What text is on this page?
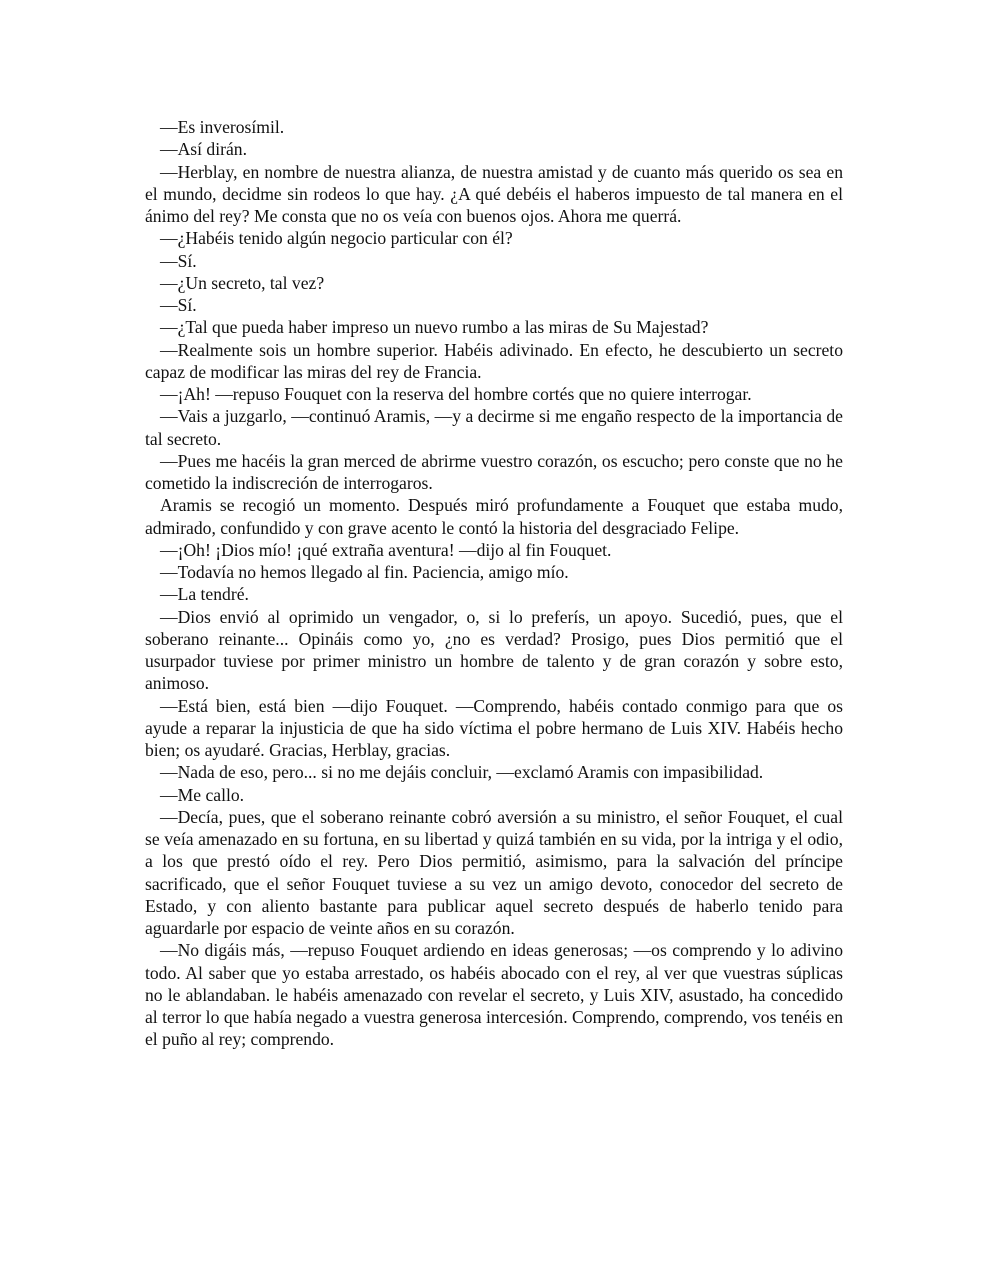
—Es inverosímil.

—Así dirán.

—Herblay, en nombre de nuestra alianza, de nuestra amistad y de cuanto más querido os sea en el mundo, decidme sin rodeos lo que hay. ¿A qué debéis el haberos impuesto de tal manera en el ánimo del rey? Me consta que no os veía con buenos ojos. Ahora me querrá.

—¿Habéis tenido algún negocio particular con él?

—Sí.

—¿Un secreto, tal vez?

—Sí.

—¿Tal que pueda haber impreso un nuevo rumbo a las miras de Su Majestad?

—Realmente sois un hombre superior. Habéis adivinado. En efecto, he descubierto un secreto capaz de modificar las miras del rey de Francia.

—¡Ah! —repuso Fouquet con la reserva del hombre cortés que no quiere interrogar.

—Vais a juzgarlo, —continuó Aramis, —y a decirme si me engaño respecto de la importancia de tal secreto.

—Pues me hacéis la gran merced de abrirme vuestro corazón, os escucho; pero conste que no he cometido la indiscreción de interrogaros.

Aramis se recogió un momento. Después miró profundamente a Fouquet que estaba mudo, admirado, confundido y con grave acento le contó la historia del desgraciado Felipe.

—¡Oh! ¡Dios mío! ¡qué extraña aventura! —dijo al fin Fouquet.

—Todavía no hemos llegado al fin. Paciencia, amigo mío.

—La tendré.

—Dios envió al oprimido un vengador, o, si lo preferís, un apoyo. Sucedió, pues, que el soberano reinante... Opináis como yo, ¿no es verdad? Prosigo, pues Dios permitió que el usurpador tuviese por primer ministro un hombre de talento y de gran corazón y sobre esto, animoso.

—Está bien, está bien —dijo Fouquet. —Comprendo, habéis contado conmigo para que os ayude a reparar la injusticia de que ha sido víctima el pobre hermano de Luis XIV. Habéis hecho bien; os ayudaré. Gracias, Herblay, gracias.

—Nada de eso, pero... si no me dejáis concluir, —exclamó Aramis con impasibilidad.

—Me callo.

—Decía, pues, que el soberano reinante cobró aversión a su ministro, el señor Fouquet, el cual se veía amenazado en su fortuna, en su libertad y quizá también en su vida, por la intriga y el odio, a los que prestó oído el rey. Pero Dios permitió, asimismo, para la salvación del príncipe sacrificado, que el señor Fouquet tuviese a su vez un amigo devoto, conocedor del secreto de Estado, y con aliento bastante para publicar aquel secreto después de haberlo tenido para aguardarle por espacio de veinte años en su corazón.

—No digáis más, —repuso Fouquet ardiendo en ideas generosas; —os comprendo y lo adivino todo. Al saber que yo estaba arrestado, os habéis abocado con el rey, al ver que vuestras súplicas no le ablandaban. le habéis amenazado con revelar el secreto, y Luis XIV, asustado, ha concedido al terror lo que había negado a vuestra generosa intercesión. Comprendo, comprendo, vos tenéis en el puño al rey; comprendo.
